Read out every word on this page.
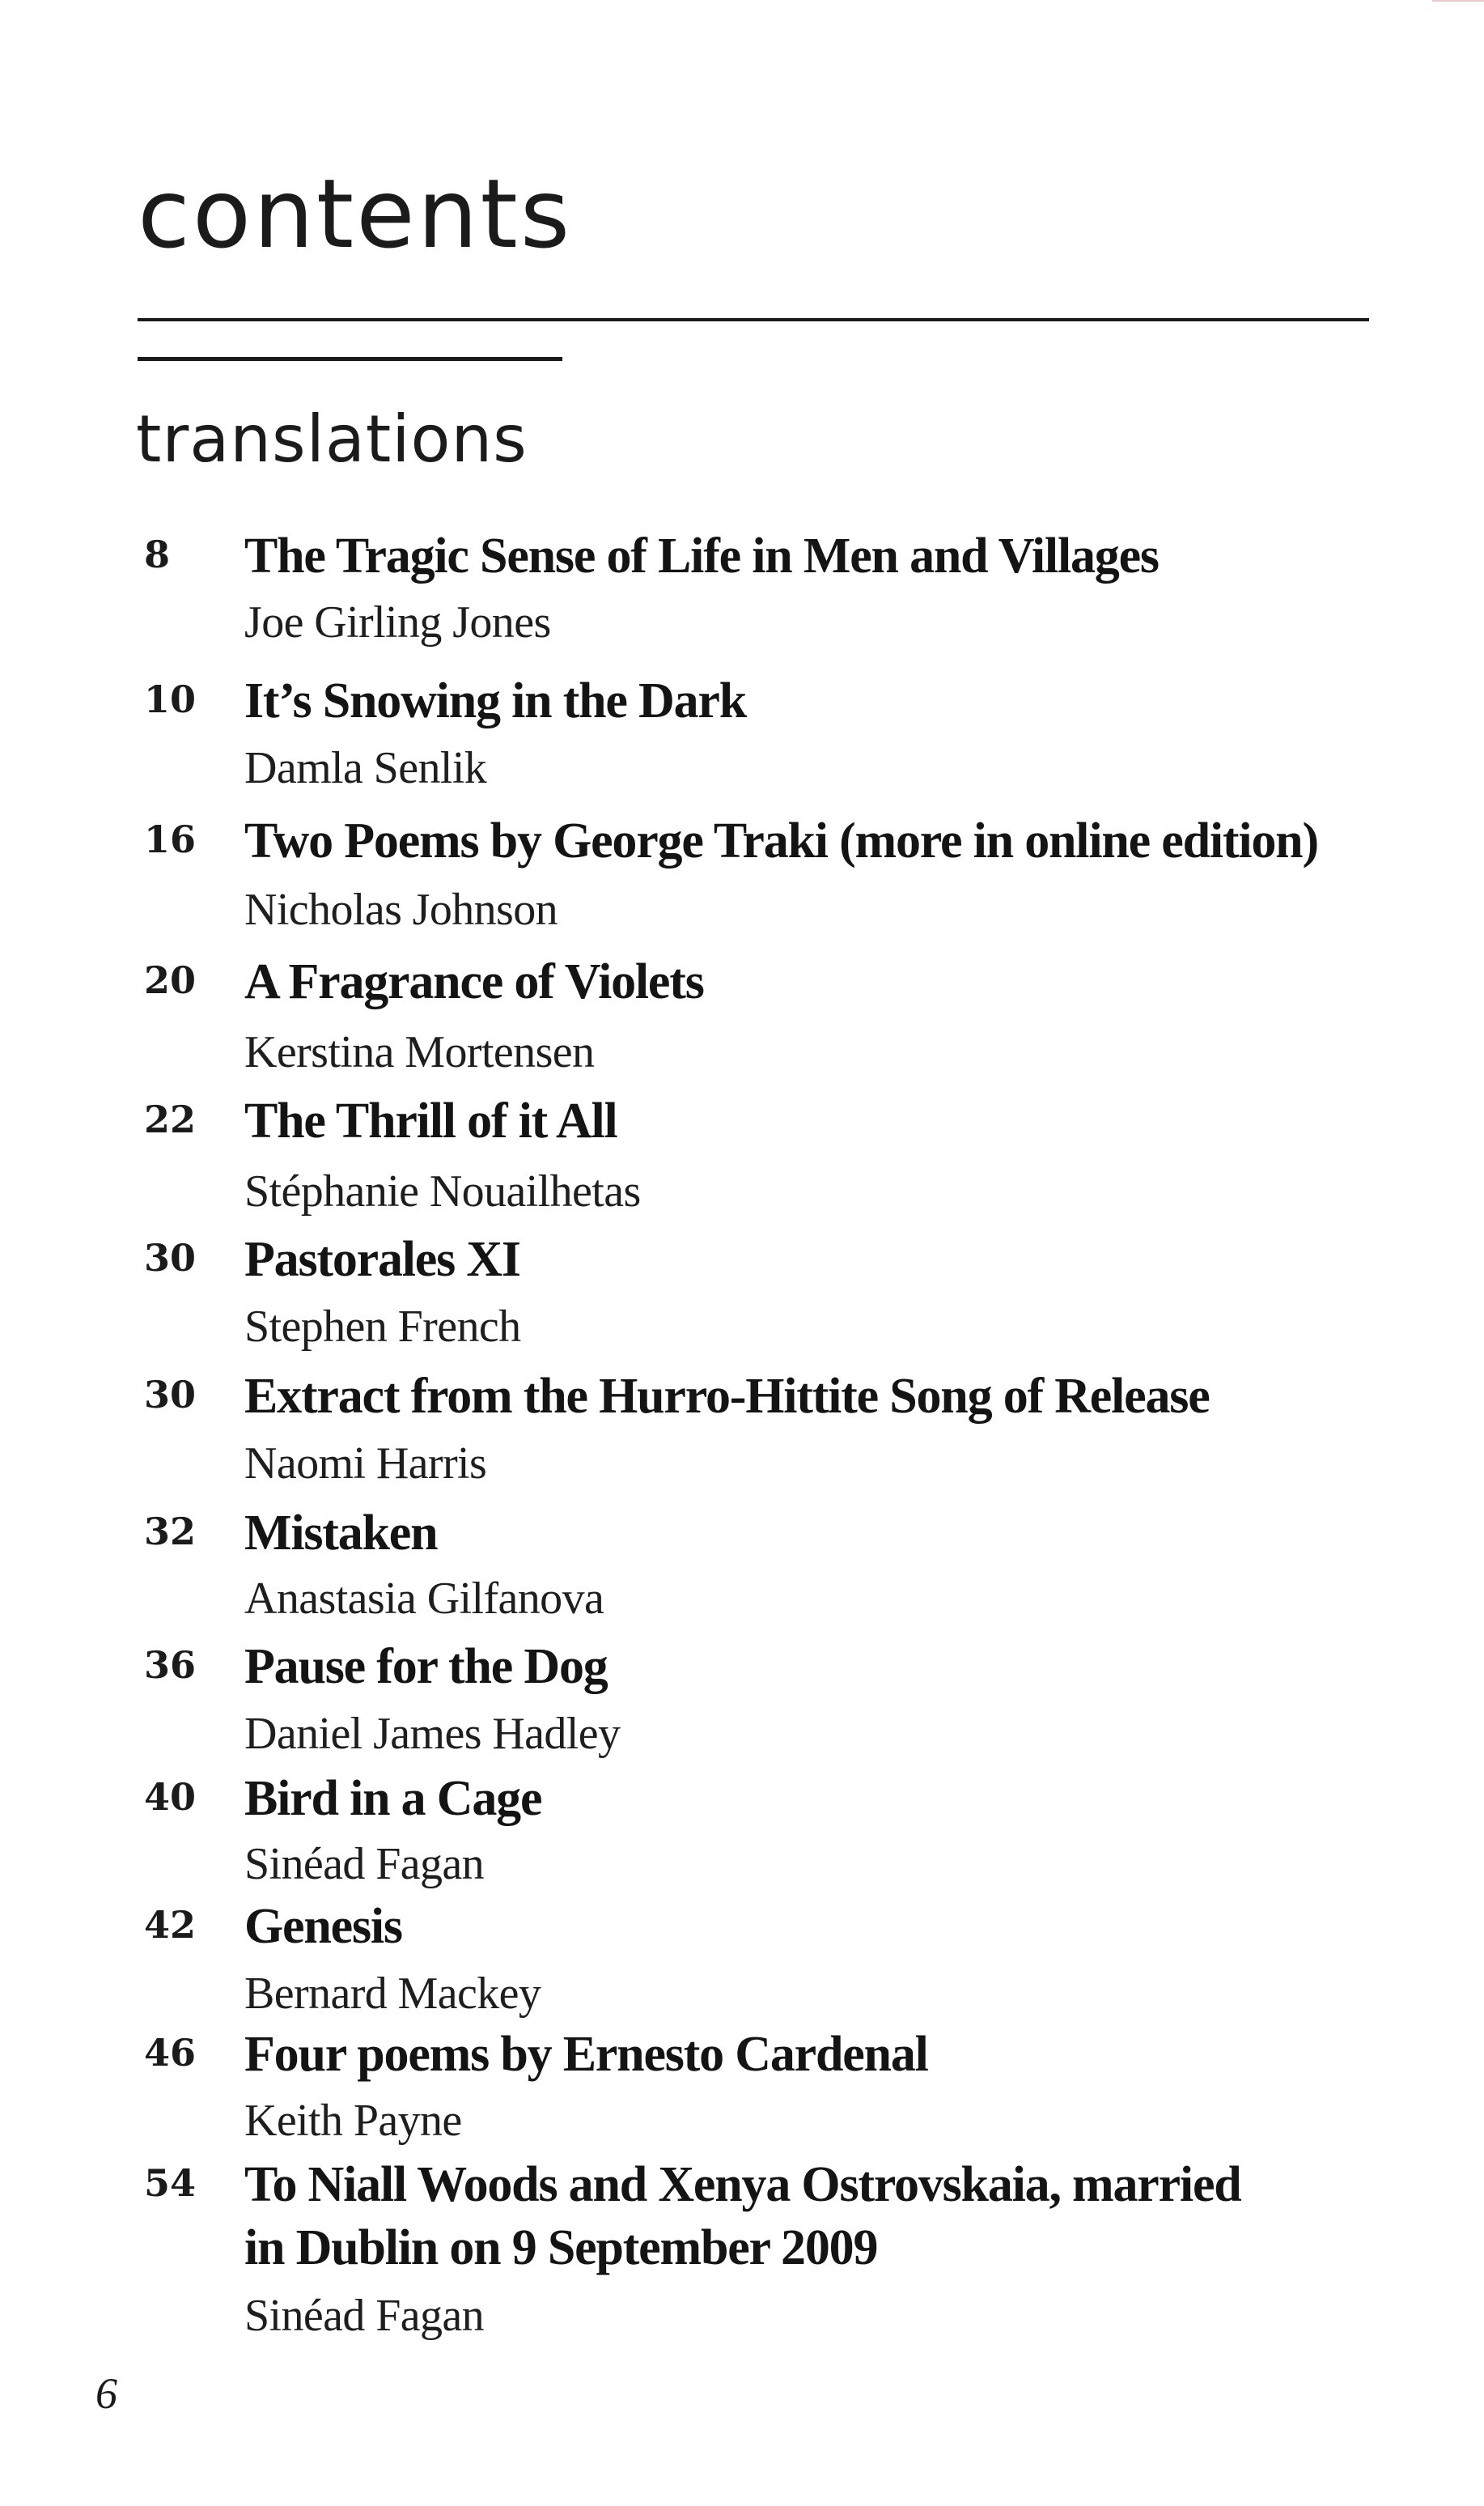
contents
translations
8 The Tragic Sense of Life in Men and Villages
Joe Girling Jones
10 It’s Snowing in the Dark
Damla Senlik
16 Two Poems by George Traki (more in online edition)
Nicholas Johnson
20 A Fragrance of Violets
Kerstina Mortensen
22 The Thrill of it All
Stéphanie Nouailhetas
30 Pastorales XI
Stephen French
30 Extract from the Hurro-Hittite Song of Release
Naomi Harris
32 Mistaken
Anastasia Gilfanova
36 Pause for the Dog
Daniel James Hadley
40 Bird in a Cage
Sinéad Fagan
42 Genesis
Bernard Mackey
46 Four poems by Ernesto Cardenal
Keith Payne
54 To Niall Woods and Xenya Ostrovskaia, married in Dublin on 9 September 2009
Sinéad Fagan
6
